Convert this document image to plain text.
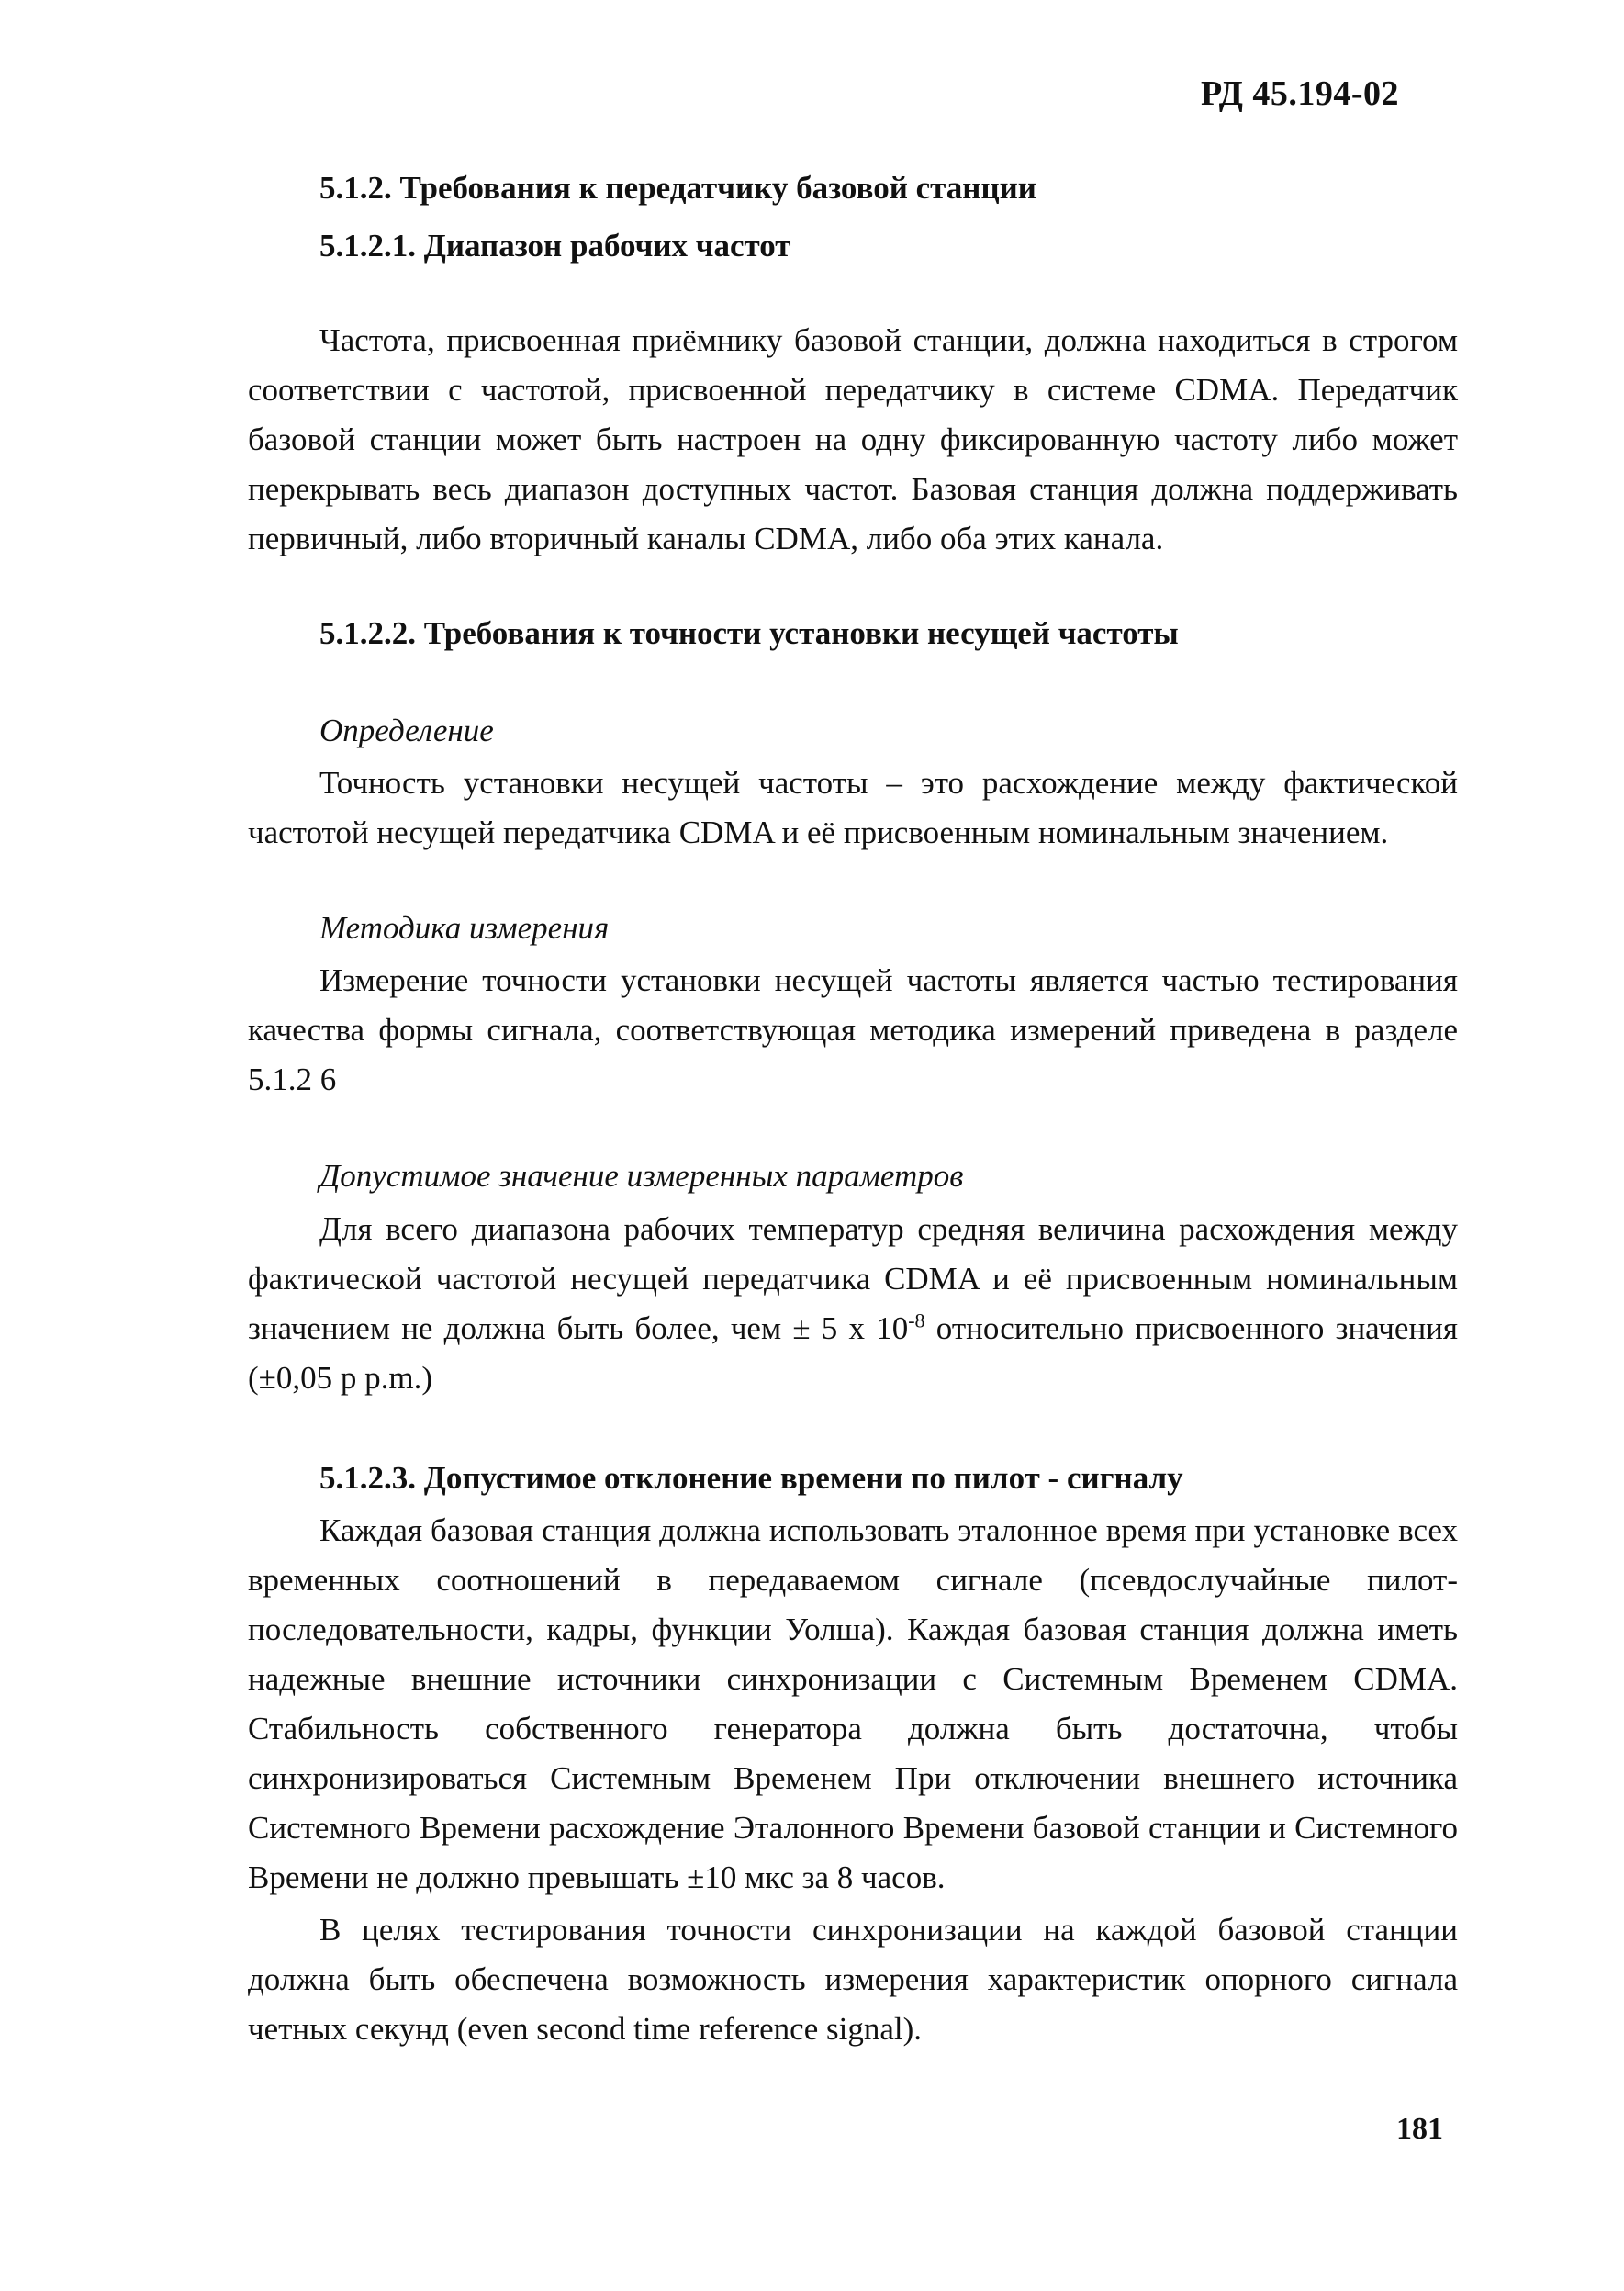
РД 45.194-02
5.1.2. Требования к передатчику базовой станции
5.1.2.1. Диапазон рабочих частот

Частота, присвоенная приёмнику базовой станции, должна находиться в строгом соответствии с частотой, присвоенной передатчику в системе CDMA. Передатчик базовой станции может быть настроен на одну фиксированную частоту либо может перекрывать весь диапазон доступных частот. Базовая станция должна поддерживать первичный, либо вторичный каналы CDMA, либо оба этих канала.

5.1.2.2. Требования к точности установки несущей частоты
Определение

Точность установки несущей частоты – это расхождение между фактической частотой несущей передатчика CDMA и её присвоенным номинальным значением.

Методика измерения

Измерение точности установки несущей частоты является частью тестирования качества формы сигнала, соответствующая методика измерений приведена в разделе 5.1.2 6

Допустимое значение измеренных параметров

Для всего диапазона рабочих температур средняя величина расхождения между фактической частотой несущей передатчика CDMA и её присвоенным номинальным значением не должна быть более, чем ± 5 х $10^{-8}$ относительно присвоенного значения (±0,05 р p.m.)

5.1.2.3. Допустимое отклонение времени по пилот - сигналу

Каждая базовая станция должна использовать эталонное время при установке всех временных соотношений в передаваемом сигнале (псевдослучайные пилот-последовательности, кадры, функции Уолша). Каждая базовая станция должна иметь надежные внешние источники синхронизации с Системным Временем CDMA. Стабильность собственного генератора должна быть достаточна, чтобы синхронизироваться Системным Временем При отключении внешнего источника Системного Времени расхождение Эталонного Времени базовой станции и Системного Времени не должно превышать ±10 мкс за 8 часов.

В целях тестирования точности синхронизации на каждой базовой станции должна быть обеспечена возможность измерения характеристик опорного сигнала четных секунд (even second time reference signal).

181
